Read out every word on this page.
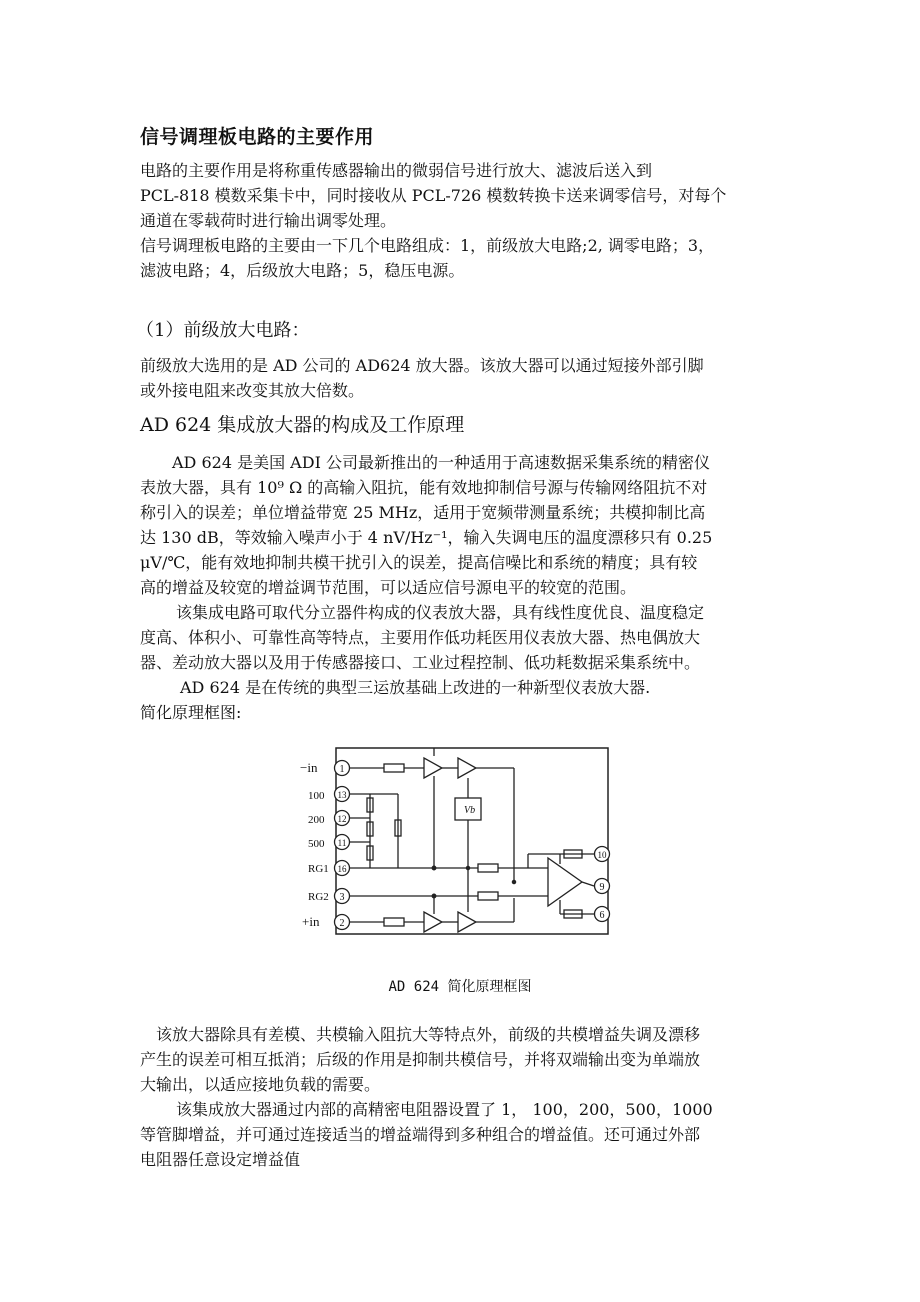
信号调理板电路的主要作用

电路的主要作用是将称重传感器输出的微弱信号进行放大、滤波后送入到

PCL-818 模数采集卡中，同时接收从 PCL-726 模数转换卡送来调零信号，对每个

通道在零载荷时进行输出调零处理。

信号调理板电路的主要由一下几个电路组成：1，前级放大电路;2, 调零电路；3，

滤波电路；4，后级放大电路；5，稳压电源。

（1）前级放大电路：

前级放大选用的是 AD 公司的 AD624 放大器。该放大器可以通过短接外部引脚

或外接电阻来改变其放大倍数。

AD 624 集成放大器的构成及工作原理

AD 624 是美国 ADI 公司最新推出的一种适用于高速数据采集系统的精密仪

表放大器，具有 10⁹ Ω 的高输入阻抗，能有效地抑制信号源与传输网络阻抗不对

称引入的误差；单位增益带宽 25 MHz，适用于宽频带测量系统；共模抑制比高

达 130 dB，等效输入噪声小于 4 nV/Hz⁻¹，输入失调电压的温度漂移只有 0.25

μV/℃，能有效地抑制共模干扰引入的误差，提高信噪比和系统的精度；具有较

高的增益及较宽的增益调节范围，可以适应信号源电平的较宽的范围。

该集成电路可取代分立器件构成的仪表放大器，具有线性度优良、温度稳定

度高、体积小、可靠性高等特点，主要用作低功耗医用仪表放大器、热电偶放大

器、差动放大器以及用于传感器接口、工业过程控制、低功耗数据采集系统中。

AD 624 是在传统的典型三运放基础上改进的一种新型仪表放大器.

简化原理框图:

−in
100
200
500
RG1
RG2
+in
1
13
12
11
16
3
2
10
9
6
Vb
AD 624 简化原理框图

该放大器除具有差模、共模输入阻抗大等特点外，前级的共模增益失调及漂移

产生的误差可相互抵消；后级的作用是抑制共模信号，并将双端输出变为单端放

大输出，以适应接地负载的需要。

该集成放大器通过内部的高精密电阻器设置了 1， 100，200，500，1000

等管脚增益，并可通过连接适当的增益端得到多种组合的增益值。还可通过外部

电阻器任意设定增益值
